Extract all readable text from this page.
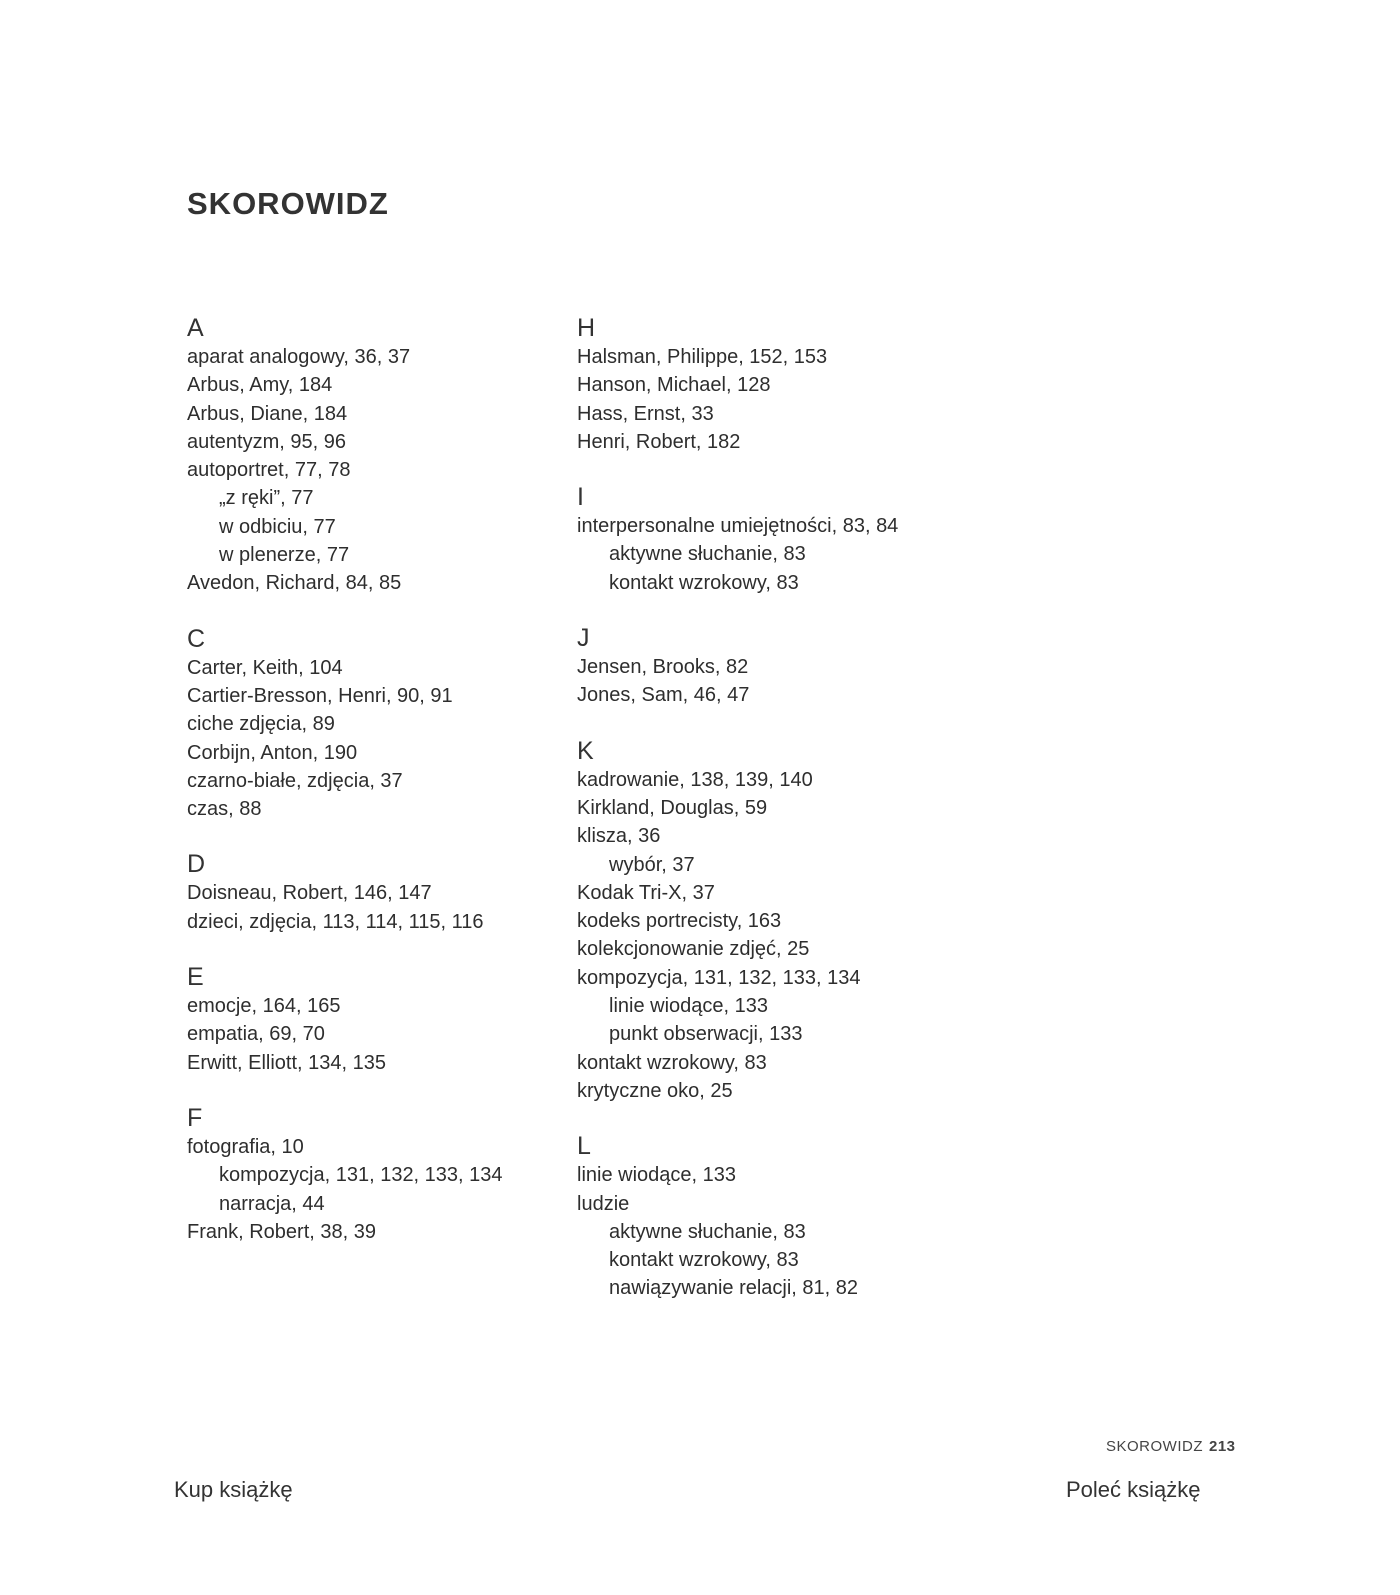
SKOROWIDZ
A
aparat analogowy, 36, 37
Arbus, Amy, 184
Arbus, Diane, 184
autentyzm, 95, 96
autoportret, 77, 78
„z ręki”, 77
w odbiciu, 77
w plenerze, 77
Avedon, Richard, 84, 85
C
Carter, Keith, 104
Cartier-Bresson, Henri, 90, 91
ciche zdjęcia, 89
Corbijn, Anton, 190
czarno-białe, zdjęcia, 37
czas, 88
D
Doisneau, Robert, 146, 147
dzieci, zdjęcia, 113, 114, 115, 116
E
emocje, 164, 165
empatia, 69, 70
Erwitt, Elliott, 134, 135
F
fotografia, 10
kompozycja, 131, 132, 133, 134
narracja, 44
Frank, Robert, 38, 39
H
Halsman, Philippe, 152, 153
Hanson, Michael, 128
Hass, Ernst, 33
Henri, Robert, 182
I
interpersonalne umiejętności, 83, 84
aktywne słuchanie, 83
kontakt wzrokowy, 83
J
Jensen, Brooks, 82
Jones, Sam, 46, 47
K
kadrowanie, 138, 139, 140
Kirkland, Douglas, 59
klisza, 36
wybór, 37
Kodak Tri-X, 37
kodeks portrecisty, 163
kolekcjonowanie zdjęć, 25
kompozycja, 131, 132, 133, 134
linie wiodące, 133
punkt obserwacji, 133
kontakt wzrokowy, 83
krytyczne oko, 25
L
linie wiodące, 133
ludzie
aktywne słuchanie, 83
kontakt wzrokowy, 83
nawiązywanie relacji, 81, 82
SKOROWIDZ 213
Kup książkę	Poleć książkę
